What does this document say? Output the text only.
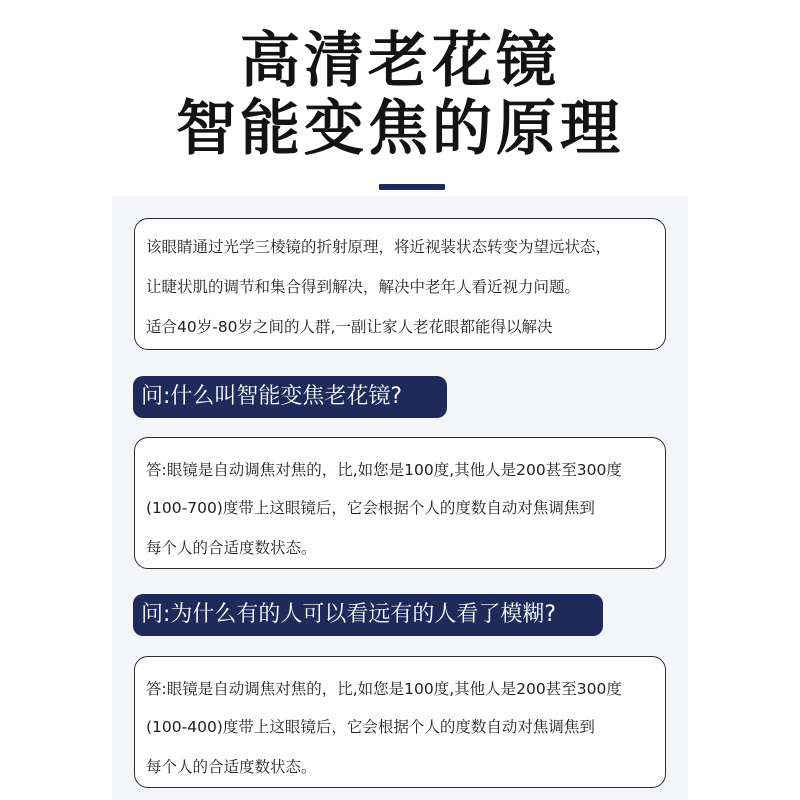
高清老花镜
智能变焦的原理
该眼睛通过光学三棱镜的折射原理，将近视装状态转变为望远状态，
让睫状肌的调节和集合得到解决，解决中老年人看近视力问题。
适合40岁-80岁之间的人群,一副让家人老花眼都能得以解决
问:什么叫智能变焦老花镜?
答:眼镜是自动调焦对焦的，比,如您是100度,其他人是200甚至300度
(100-700)度带上这眼镜后，它会根据个人的度数自动对焦调焦到
每个人的合适度数状态。
问:为什么有的人可以看远有的人看了模糊?
答:眼镜是自动调焦对焦的，比,如您是100度,其他人是200甚至300度
(100-400)度带上这眼镜后，它会根据个人的度数自动对焦调焦到
每个人的合适度数状态。
